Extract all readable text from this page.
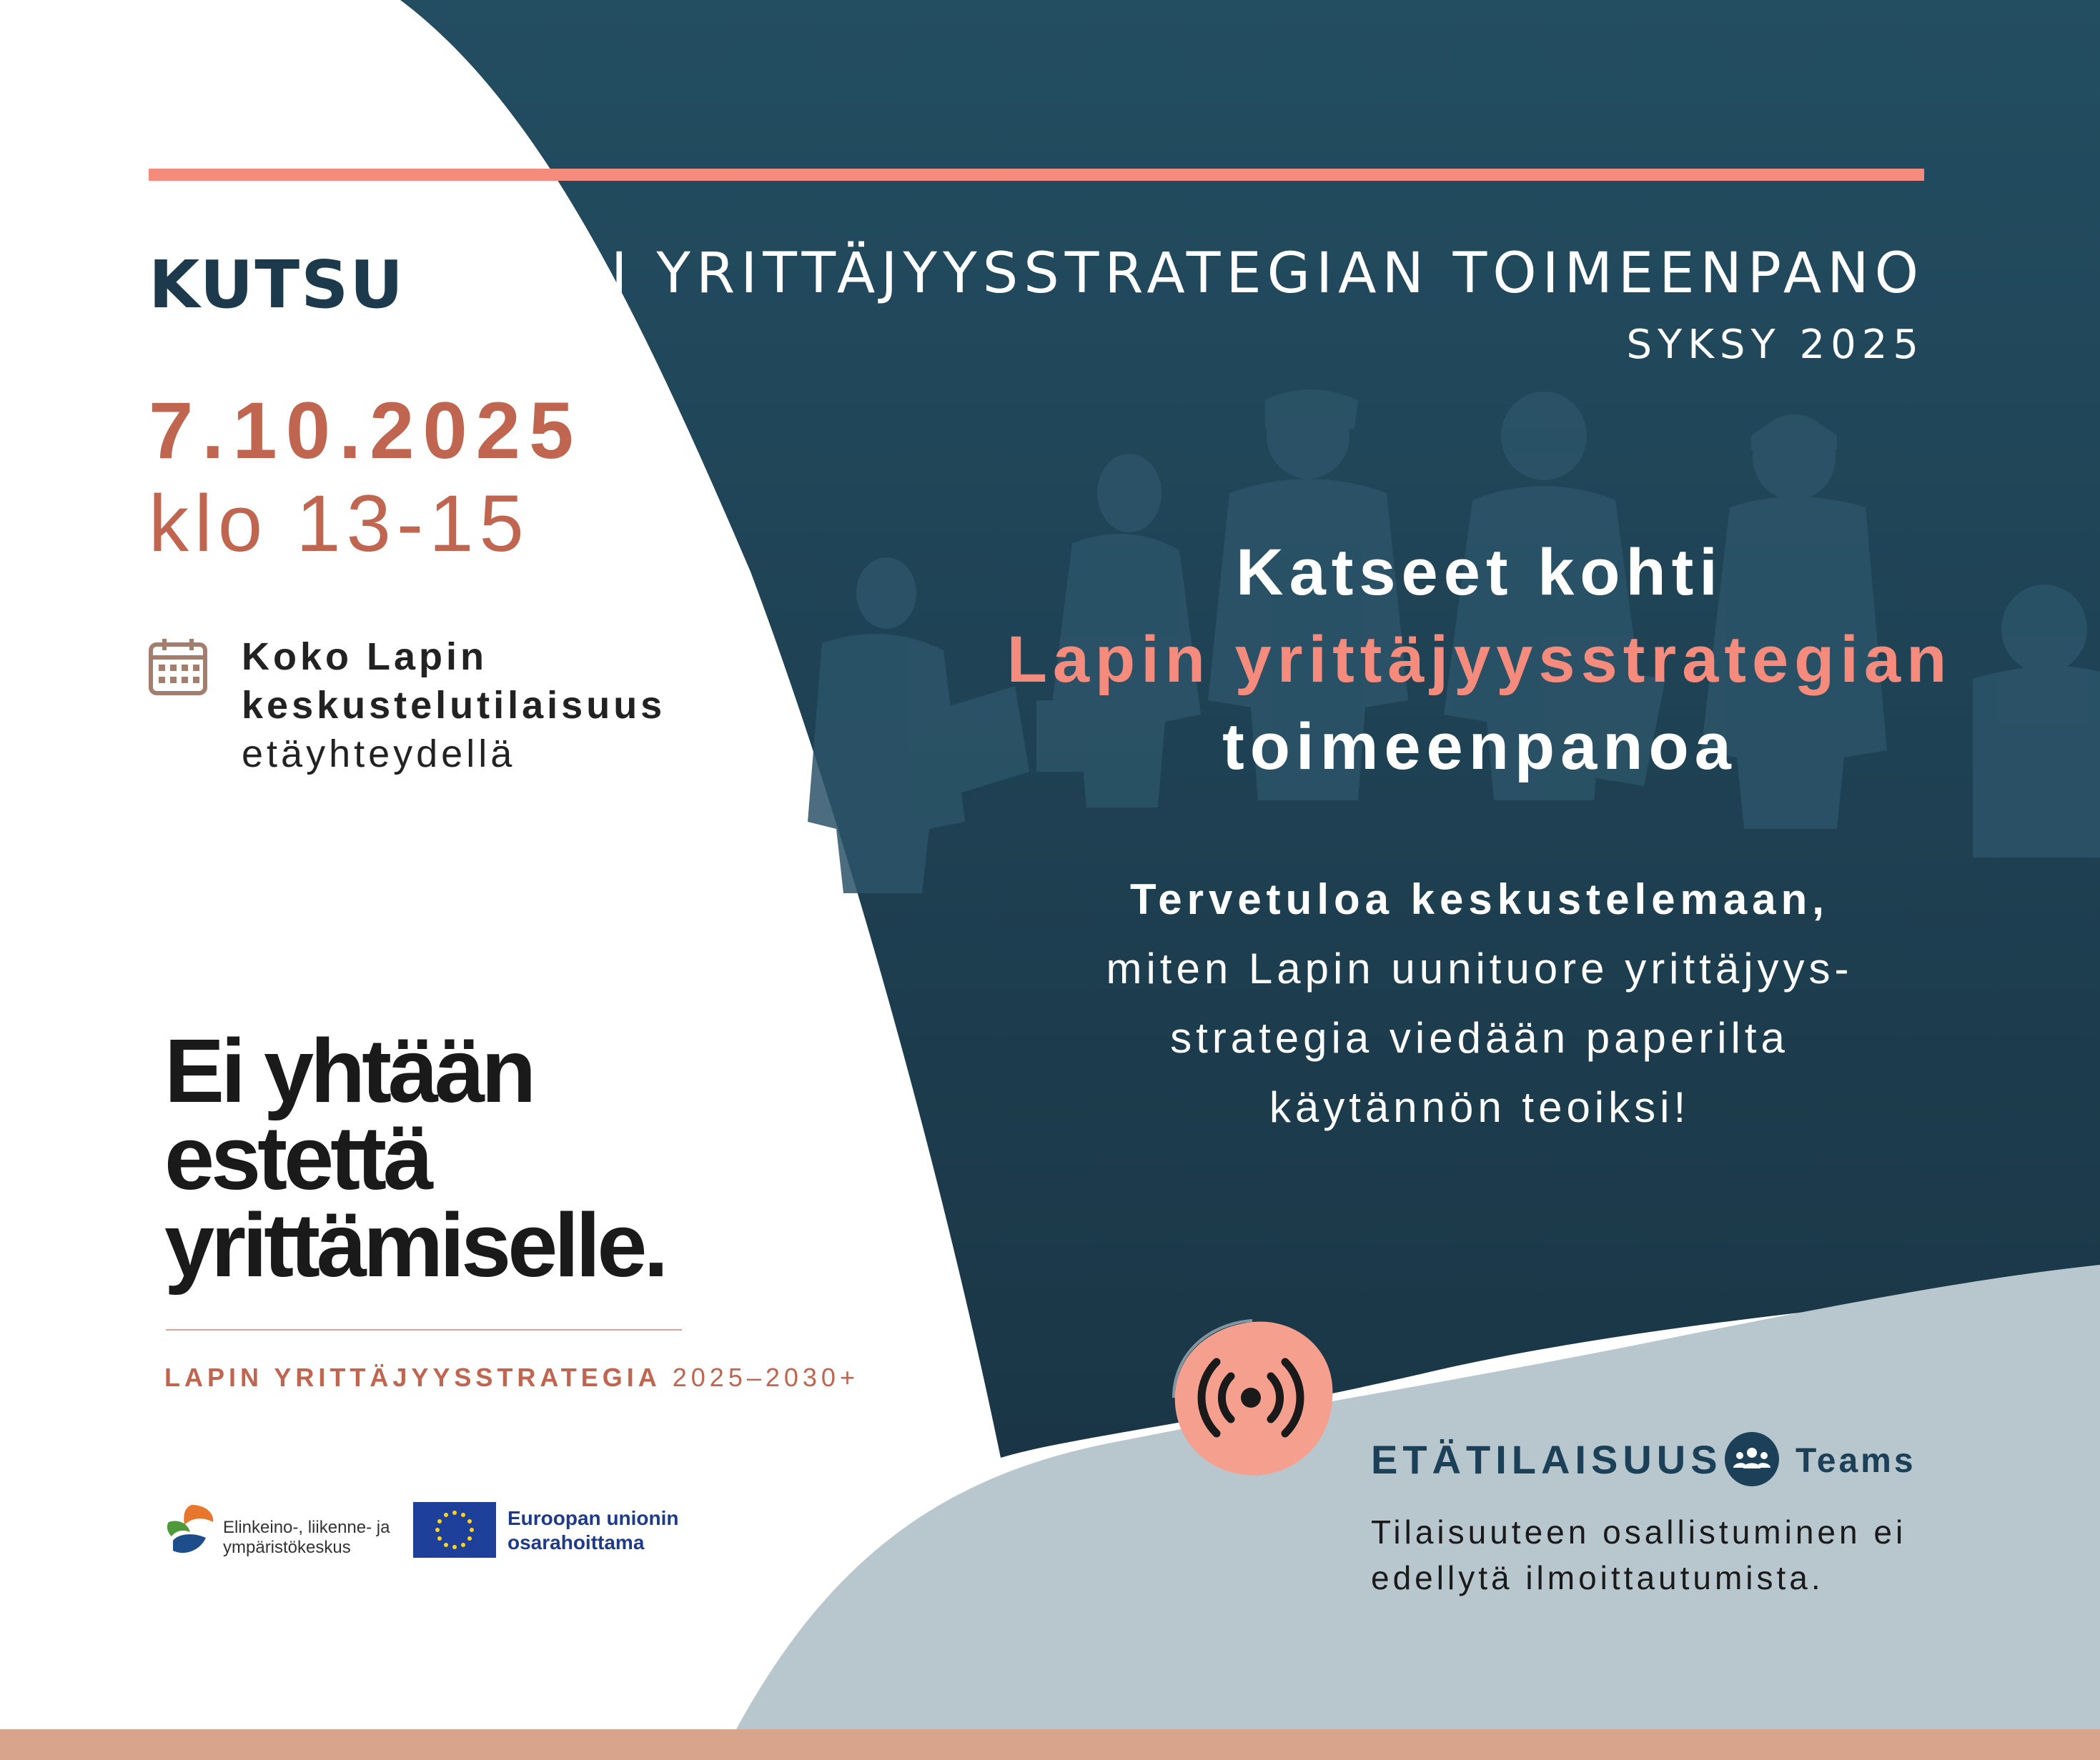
KUTSU
7.10.2025
klo 13-15
Koko Lapin
keskustelutilaisuus
etäyhteydellä
Ei yhtään
estettä
yrittämiselle.
LAPIN YRITTÄJYYSSTRATEGIA 2025–2030+
Elinkeino-, liikenne- ja
ympäristökeskus
Euroopan unionin
osarahoittama
LAPIN YRITTÄJYYSSTRATEGIAN TOIMEENPANO
SYKSY 2025
Katseet kohti
Lapin yrittäjyysstrategian
toimeenpanoa
Tervetuloa keskustelemaan,
miten Lapin uunituore yrittäjyys-
strategia viedään paperilta
käytännön teoiksi!
ETÄTILAISUUS Teams
Tilaisuuteen osallistuminen ei edellytä ilmoittautumista.
